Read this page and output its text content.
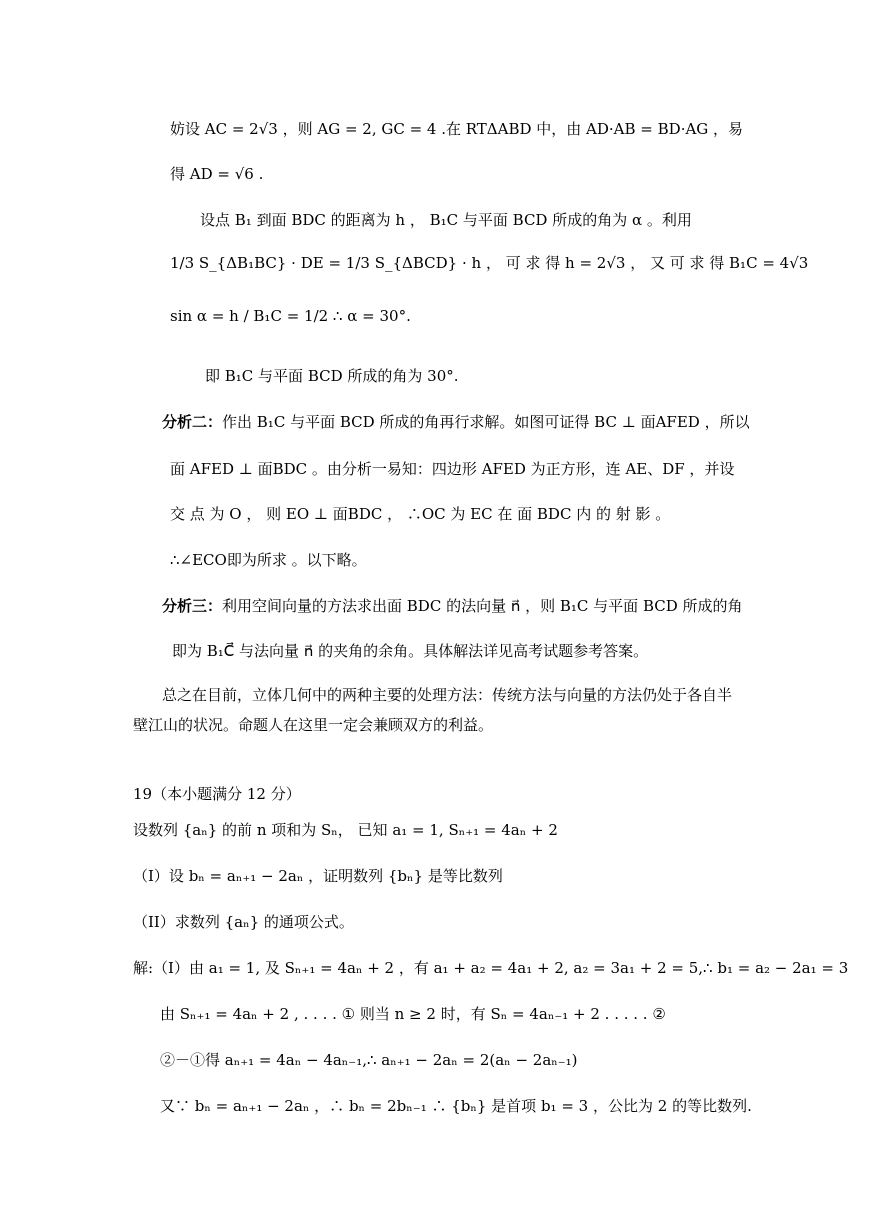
妨设 AC = 2√3 ，则 AG = 2, GC = 4 .在 RTΔABD 中，由 AD·AB = BD·AG ，易
得 AD = √6 .
设点 B₁ 到面 BDC 的距离为 h ， B₁C 与平面 BCD 所成的角为 α 。利用
1/3 S_{ΔB₁BC} · DE = 1/3 S_{ΔBCD} · h ， 可 求 得 h = 2√3 ， 又 可 求 得 B₁C = 4√3
sin α = h / B₁C = 1/2 ∴ α = 30°.
即 B₁C 与平面 BCD 所成的角为 30°.
分析二：作出 B₁C 与平面 BCD 所成的角再行求解。如图可证得 BC ⊥ 面AFED ，所以
面 AFED ⊥ 面BDC 。由分析一易知：四边形 AFED 为正方形，连 AE、DF ，并设
交 点 为 O ， 则 EO ⊥ 面BDC ， ∴OC 为 EC 在 面 BDC 内 的 射 影 。
∴∠ECO即为所求 。以下略。
分析三：利用空间向量的方法求出面 BDC 的法向量 n⃗ ，则 B₁C 与平面 BCD 所成的角
即为 B₁C⃗ 与法向量 n⃗ 的夹角的余角。具体解法详见高考试题参考答案。
总之在目前，立体几何中的两种主要的处理方法：传统方法与向量的方法仍处于各自半
壁江山的状况。命题人在这里一定会兼顾双方的利益。
19（本小题满分 12 分）
设数列 {aₙ} 的前 n 项和为 Sₙ， 已知 a₁ = 1, Sₙ₊₁ = 4aₙ + 2
（I）设 bₙ = aₙ₊₁ − 2aₙ ，证明数列 {bₙ} 是等比数列
（II）求数列 {aₙ} 的通项公式。
解:（I）由 a₁ = 1, 及 Sₙ₊₁ = 4aₙ + 2 ，有 a₁ + a₂ = 4a₁ + 2, a₂ = 3a₁ + 2 = 5,∴ b₁ = a₂ − 2a₁ = 3
由 Sₙ₊₁ = 4aₙ + 2 , . . . . ① 则当 n ≥ 2 时，有 Sₙ = 4aₙ₋₁ + 2 . . . . . ②
②－①得 aₙ₊₁ = 4aₙ − 4aₙ₋₁,∴ aₙ₊₁ − 2aₙ = 2(aₙ − 2aₙ₋₁)
又∵ bₙ = aₙ₊₁ − 2aₙ ，∴ bₙ = 2bₙ₋₁ ∴ {bₙ} 是首项 b₁ = 3 ，公比为 2 的等比数列.
